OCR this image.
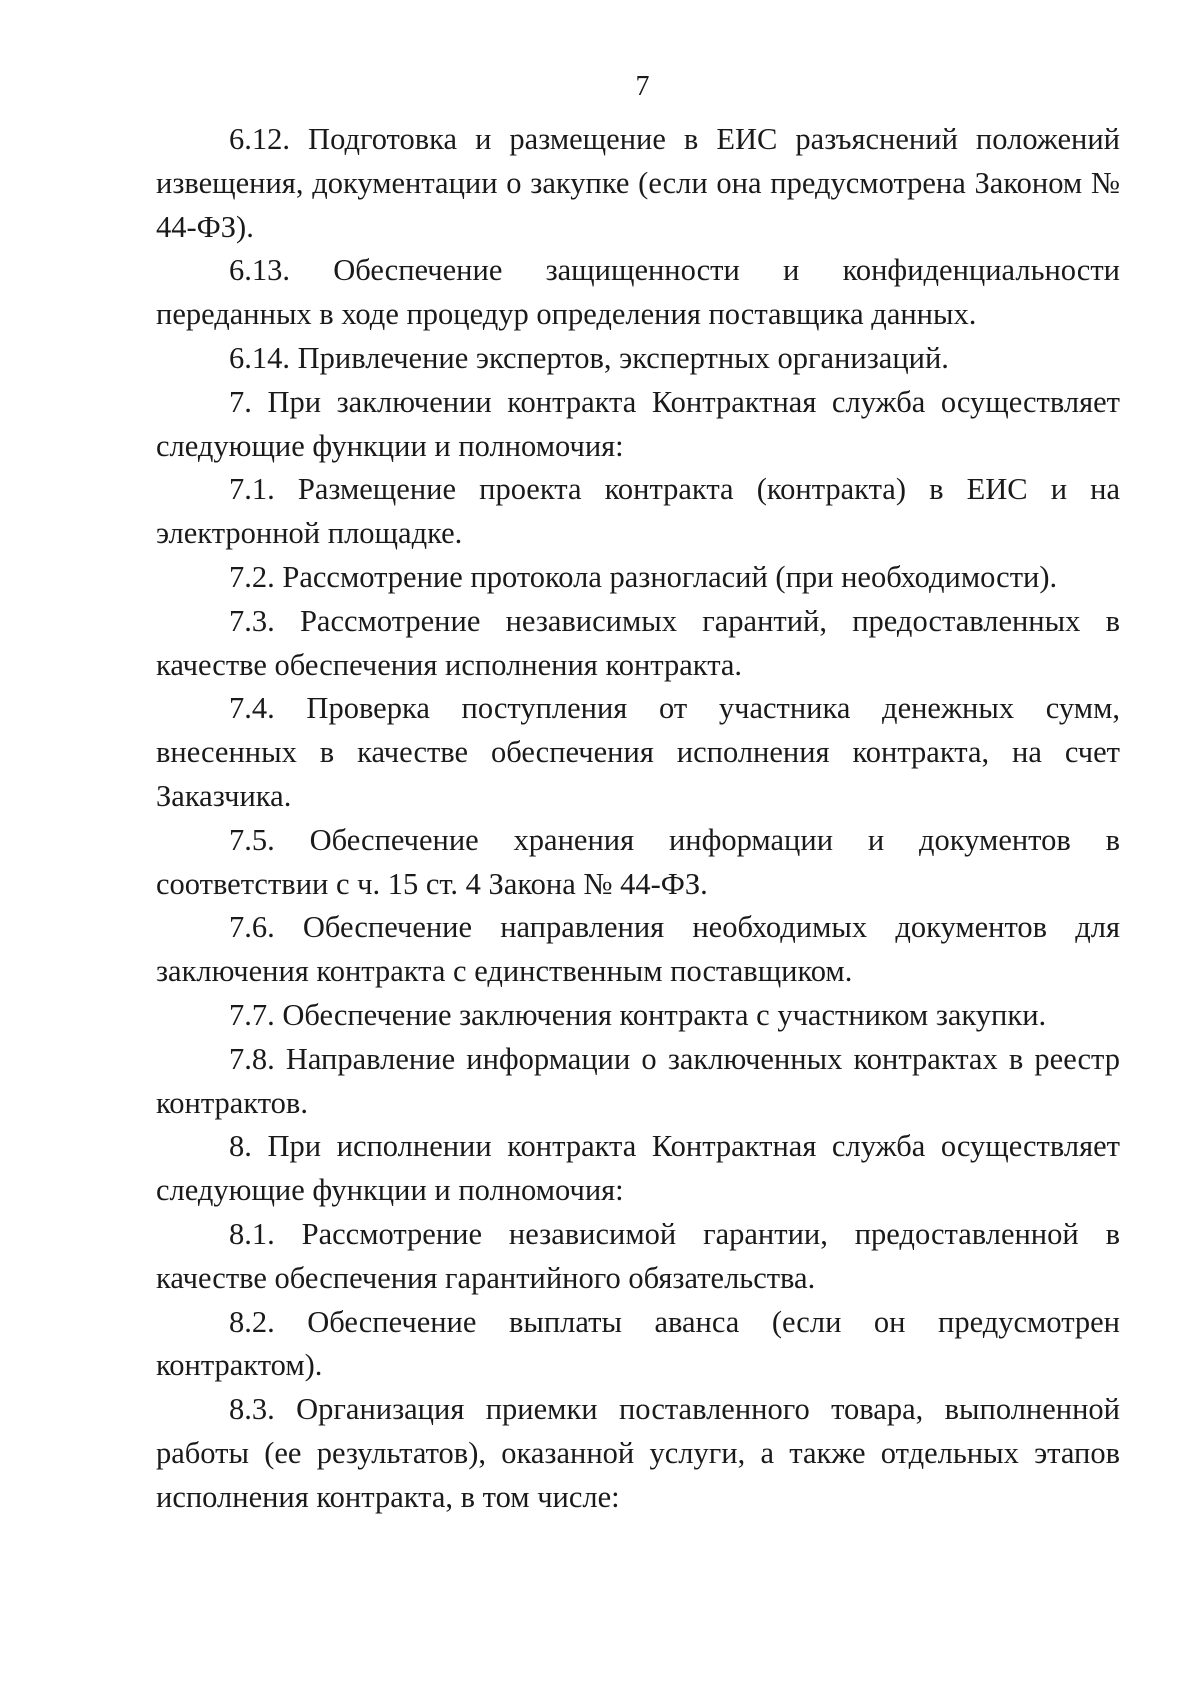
7

6.12. Подготовка и размещение в ЕИС разъяснений положений извещения, документации о закупке (если она предусмотрена Законом № 44-ФЗ).

6.13. Обеспечение защищенности и конфиденциальности переданных в ходе процедур определения поставщика данных.

6.14. Привлечение экспертов, экспертных организаций.

7. При заключении контракта Контрактная служба осуществляет следующие функции и полномочия:

7.1. Размещение проекта контракта (контракта) в ЕИС и на электронной площадке.

7.2. Рассмотрение протокола разногласий (при необходимости).

7.3. Рассмотрение независимых гарантий, предоставленных в качестве обеспечения исполнения контракта.

7.4. Проверка поступления от участника денежных сумм, внесенных в качестве обеспечения исполнения контракта, на счет Заказчика.

7.5. Обеспечение хранения информации и документов в соответствии с ч. 15 ст. 4 Закона № 44-ФЗ.

7.6. Обеспечение направления необходимых документов для заключения контракта с единственным поставщиком.

7.7. Обеспечение заключения контракта с участником закупки.

7.8. Направление информации о заключенных контрактах в реестр контрактов.

8. При исполнении контракта Контрактная служба осуществляет следующие функции и полномочия:

8.1. Рассмотрение независимой гарантии, предоставленной в качестве обеспечения гарантийного обязательства.

8.2. Обеспечение выплаты аванса (если он предусмотрен контрактом).

8.3. Организация приемки поставленного товара, выполненной работы (ее результатов), оказанной услуги, а также отдельных этапов исполнения контракта, в том числе:
